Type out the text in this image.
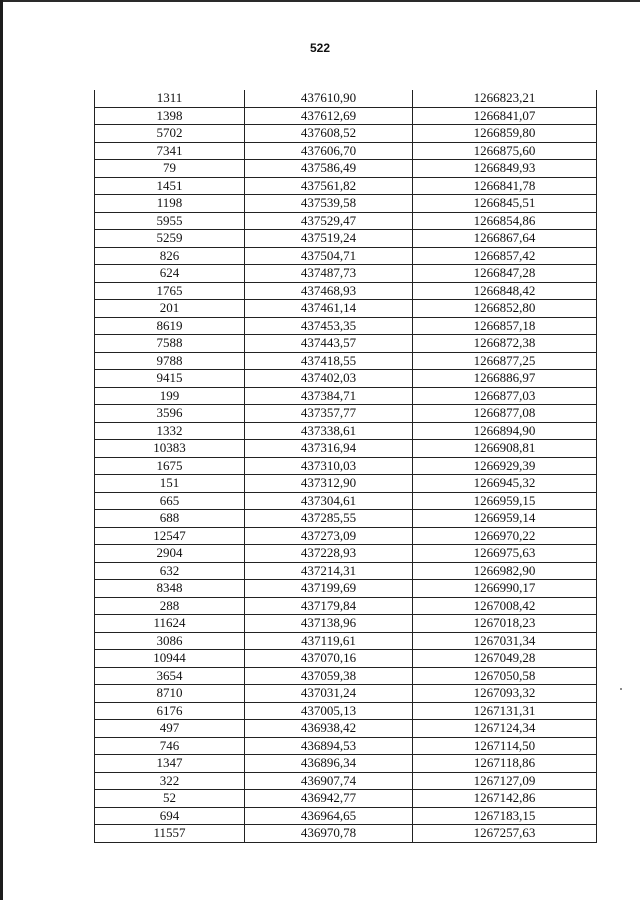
522
1311	437610,90	1266823,21
1398	437612,69	1266841,07
5702	437608,52	1266859,80
7341	437606,70	1266875,60
79	437586,49	1266849,93
1451	437561,82	1266841,78
1198	437539,58	1266845,51
5955	437529,47	1266854,86
5259	437519,24	1266867,64
826	437504,71	1266857,42
624	437487,73	1266847,28
1765	437468,93	1266848,42
201	437461,14	1266852,80
8619	437453,35	1266857,18
7588	437443,57	1266872,38
9788	437418,55	1266877,25
9415	437402,03	1266886,97
199	437384,71	1266877,03
3596	437357,77	1266877,08
1332	437338,61	1266894,90
10383	437316,94	1266908,81
1675	437310,03	1266929,39
151	437312,90	1266945,32
665	437304,61	1266959,15
688	437285,55	1266959,14
12547	437273,09	1266970,22
2904	437228,93	1266975,63
632	437214,31	1266982,90
8348	437199,69	1266990,17
288	437179,84	1267008,42
11624	437138,96	1267018,23
3086	437119,61	1267031,34
10944	437070,16	1267049,28
3654	437059,38	1267050,58
8710	437031,24	1267093,32
6176	437005,13	1267131,31
497	436938,42	1267124,34
746	436894,53	1267114,50
1347	436896,34	1267118,86
322	436907,74	1267127,09
52	436942,77	1267142,86
694	436964,65	1267183,15
11557	436970,78	1267257,63
